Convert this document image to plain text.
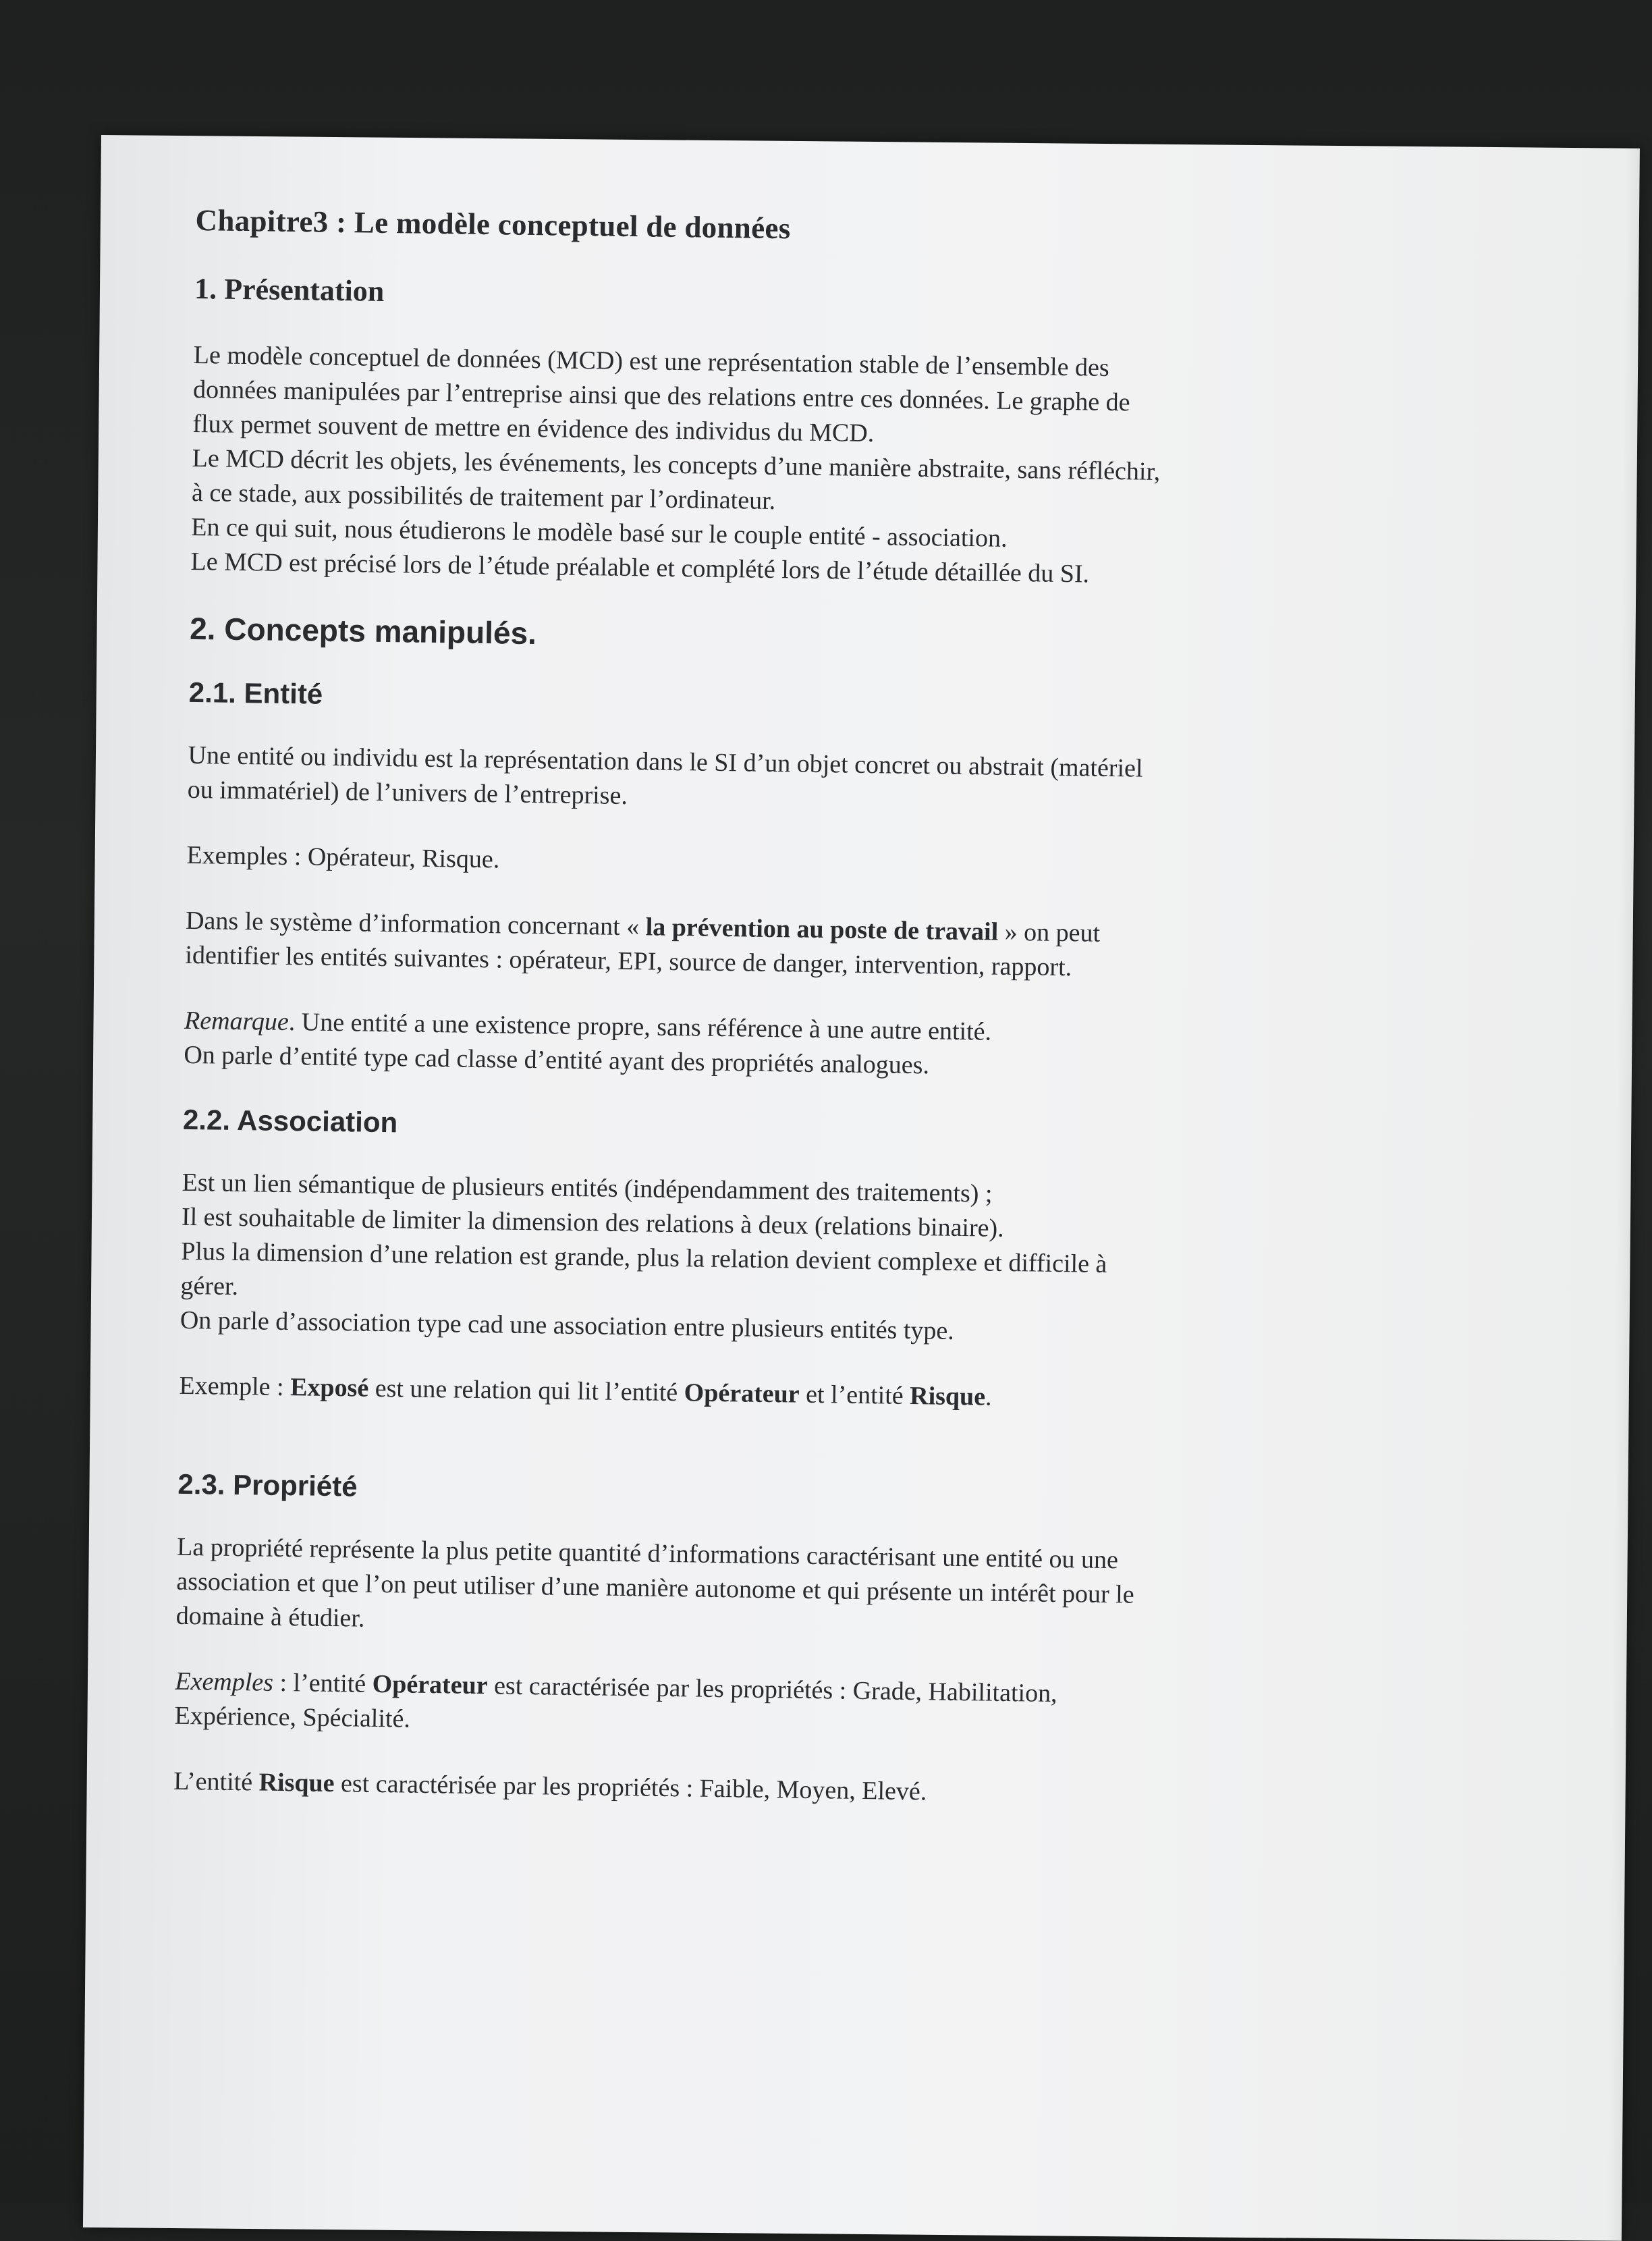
Chapitre3 : Le modèle conceptuel de données
1. Présentation

Le modèle conceptuel de données (MCD) est une représentation stable de l’ensemble des
données manipulées par l’entreprise ainsi que des relations entre ces données. Le graphe de
flux permet souvent de mettre en évidence des individus du MCD.
Le MCD décrit les objets, les événements, les concepts d’une manière abstraite, sans réfléchir,
à ce stade, aux possibilités de traitement par l’ordinateur.
En ce qui suit, nous étudierons le modèle basé sur le couple entité - association.
Le MCD est précisé lors de l’étude préalable et complété lors de l’étude détaillée du SI.

2. Concepts manipulés.
2.1. Entité

Une entité ou individu est la représentation dans le SI d’un objet concret ou abstrait (matériel
ou immatériel) de l’univers de l’entreprise.

Exemples : Opérateur, Risque.

Dans le système d’information concernant « la prévention au poste de travail » on peut
identifier les entités suivantes : opérateur, EPI, source de danger, intervention, rapport.

Remarque. Une entité a une existence propre, sans référence à une autre entité.
On parle d’entité type cad classe d’entité ayant des propriétés analogues.

2.2. Association

Est un lien sémantique de plusieurs entités (indépendamment des traitements) ;
Il est souhaitable de limiter la dimension des relations à deux (relations binaire).
Plus la dimension d’une relation est grande, plus la relation devient complexe et difficile à
gérer.
On parle d’association type cad une association entre plusieurs entités type.

Exemple : Exposé est une relation qui lit l’entité Opérateur et l’entité Risque.

2.3. Propriété

La propriété représente la plus petite quantité d’informations caractérisant une entité ou une
association et que l’on peut utiliser d’une manière autonome et qui présente un intérêt pour le
domaine à étudier.

Exemples : l’entité Opérateur est caractérisée par les propriétés : Grade, Habilitation,
Expérience, Spécialité.

L’entité Risque est caractérisée par les propriétés : Faible, Moyen, Elevé.
